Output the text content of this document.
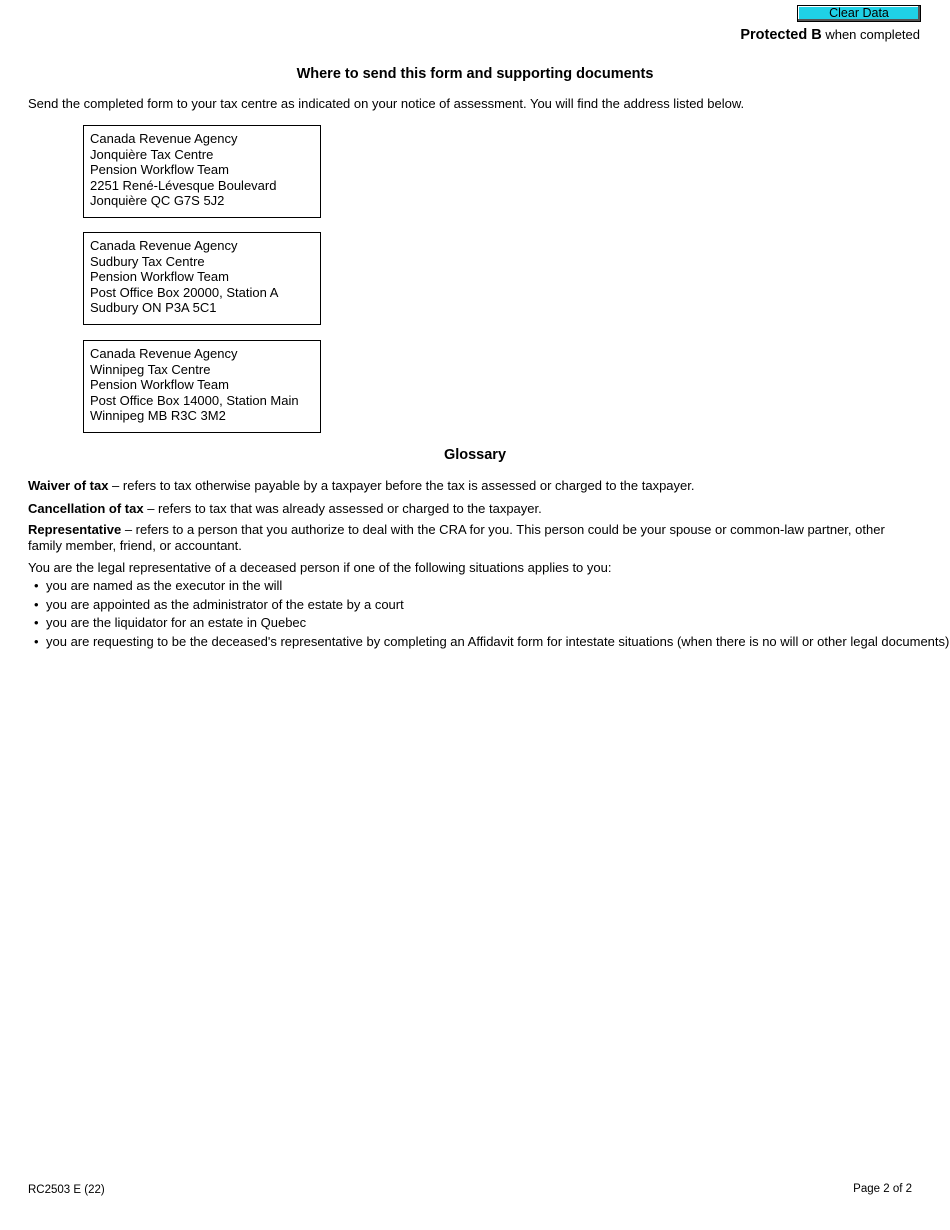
Clear Data
Protected B when completed
Where to send this form and supporting documents
Send the completed form to your tax centre as indicated on your notice of assessment. You will find the address listed below.
Canada Revenue Agency
Jonquière Tax Centre
Pension Workflow Team
2251 René-Lévesque Boulevard
Jonquière QC G7S 5J2
Canada Revenue Agency
Sudbury Tax Centre
Pension Workflow Team
Post Office Box 20000, Station A
Sudbury ON P3A 5C1
Canada Revenue Agency
Winnipeg Tax Centre
Pension Workflow Team
Post Office Box 14000, Station Main
Winnipeg MB R3C 3M2
Glossary
Waiver of tax – refers to tax otherwise payable by a taxpayer before the tax is assessed or charged to the taxpayer.
Cancellation of tax – refers to tax that was already assessed or charged to the taxpayer.
Representative – refers to a person that you authorize to deal with the CRA for you. This person could be your spouse or common-law partner, other family member, friend, or accountant.
You are the legal representative of a deceased person if one of the following situations applies to you:
• you are named as the executor in the will
• you are appointed as the administrator of the estate by a court
• you are the liquidator for an estate in Quebec
• you are requesting to be the deceased's representative by completing an Affidavit form for intestate situations (when there is no will or other legal documents)
RC2503 E (22)	Page 2 of 2
